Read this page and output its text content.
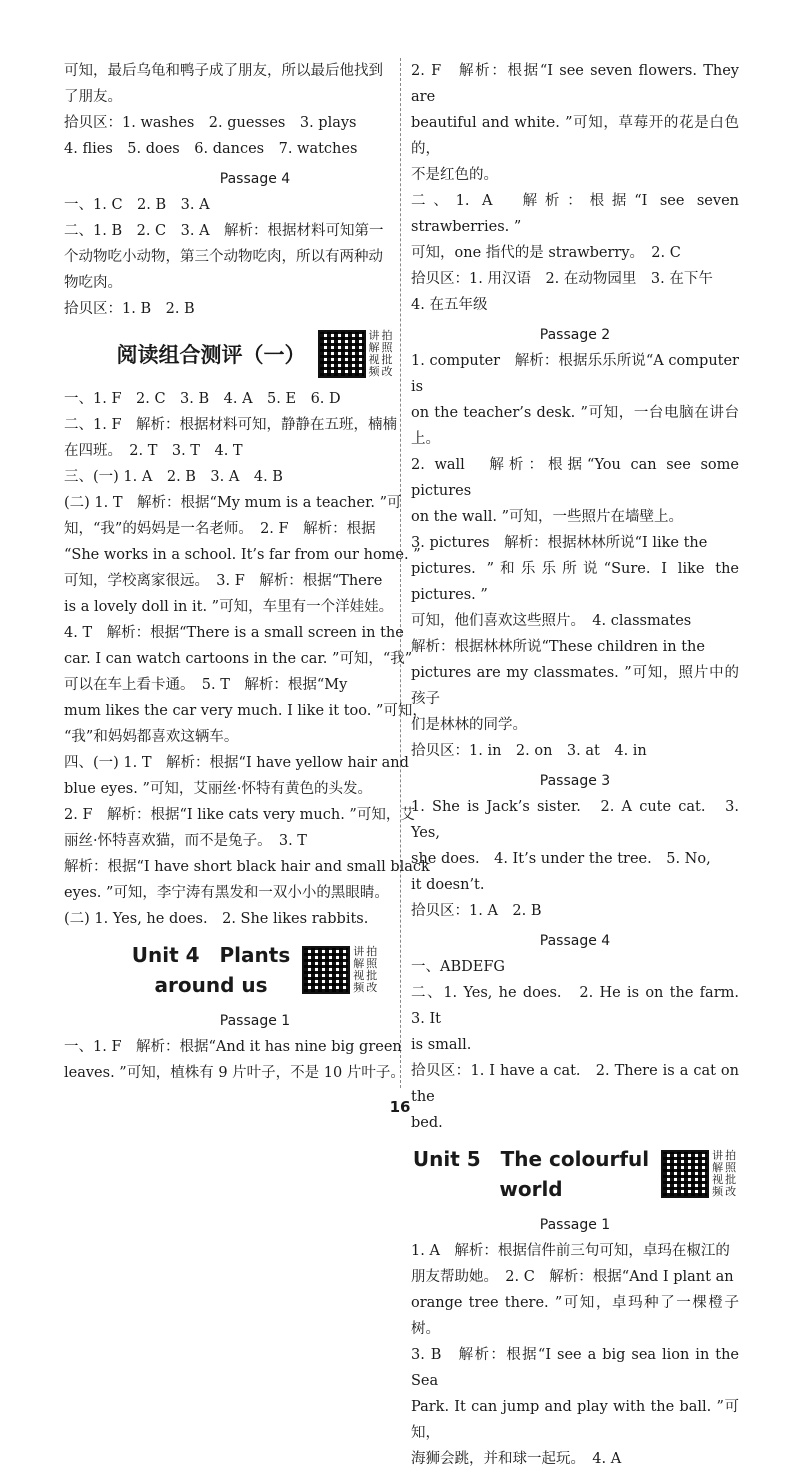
可知，最后乌龟和鸭子成了朋友，所以最后他找到

了朋友。

拾贝区：1. washes　2. guesses　3. plays

4. flies　5. does　6. dances　7. watches

Passage 4

一、1. C　2. B　3. A

二、1. B　2. C　3. A　解析：根据材料可知第一

个动物吃小动物，第三个动物吃肉，所以有两种动

物吃肉。

拾贝区：1. B　2. B

阅读组合测评（一）
讲 拍
解 照
视 批
频 改

一、1. F　2. C　3. B　4. A　5. E　6. D

二、1. F　解析：根据材料可知，静静在五班，楠楠

在四班。　2. T　3. T　4. T

三、(一) 1. A　2. B　3. A　4. B

(二) 1. T　解析：根据“My mum is a teacher. ”可

知，“我”的妈妈是一名老师。　2. F　解析：根据

“She works in a school. It’s far from our home. ”

可知，学校离家很远。　3. F　解析：根据“There

is a lovely doll in it. ”可知，车里有一个洋娃娃。

4. T　解析：根据“There is a small screen in the

car. I can watch cartoons in the car. ”可知，“我”

可以在车上看卡通。　5. T　解析：根据“My

mum likes the car very much. I like it too. ”可知，

“我”和妈妈都喜欢这辆车。

四、(一) 1. T　解析：根据“I have yellow hair and

blue eyes. ”可知，艾丽丝·怀特有黄色的头发。

2. F　解析：根据“I like cats very much. ”可知，艾

丽丝·怀特喜欢猫，而不是兔子。　3. T

解析：根据“I have short black hair and small black

eyes. ”可知，李宁涛有黑发和一双小小的黑眼睛。

(二) 1. Yes, he does.　2. She likes rabbits.

Unit 4　Plants
around us
讲 拍
解 照
视 批
频 改

Passage 1

一、1. F　解析：根据“And it has nine big green

leaves. ”可知，植株有 9 片叶子，不是 10 片叶子。

2. F　解析：根据“I see seven flowers. They are

beautiful and white. ”可知，草莓开的花是白色的，

不是红色的。

二、1. A　解析：根据“I see seven strawberries. ”

可知，one 指代的是 strawberry。　2. C

拾贝区：1. 用汉语　2. 在动物园里　3. 在下午

4. 在五年级

Passage 2

1. computer　解析：根据乐乐所说“A computer is

on the teacher’s desk. ”可知，一台电脑在讲台上。

2. wall　解析：根据“You can see some pictures

on the wall. ”可知，一些照片在墙壁上。

3. pictures　解析：根据林林所说“I like the

pictures. ”和乐乐所说“Sure. I like the pictures. ”

可知，他们喜欢这些照片。　4. classmates

解析：根据林林所说“These children in the

pictures are my classmates. ”可知，照片中的孩子

们是林林的同学。

拾贝区：1. in　2. on　3. at　4. in

Passage 3

1. She is Jack’s sister.　2. A cute cat.　3. Yes,

she does.　4. It’s under the tree.　5. No,

it doesn’t.

拾贝区：1. A　2. B

Passage 4

一、ABDEFG

二、1. Yes, he does.　2. He is on the farm.　3. It

is small.

拾贝区：1. I have a cat.　2. There is a cat on the

bed.

Unit 5　The colourful
world
讲 拍
解 照
视 批
频 改

Passage 1

1. A　解析：根据信件前三句可知，卓玛在椒江的

朋友帮助她。　2. C　解析：根据“And I plant an

orange tree there. ”可知，卓玛种了一棵橙子树。

3. B　解析：根据“I see a big sea lion in the Sea

Park. It can jump and play with the ball. ”可知，

海狮会跳，并和球一起玩。　4. A

16
